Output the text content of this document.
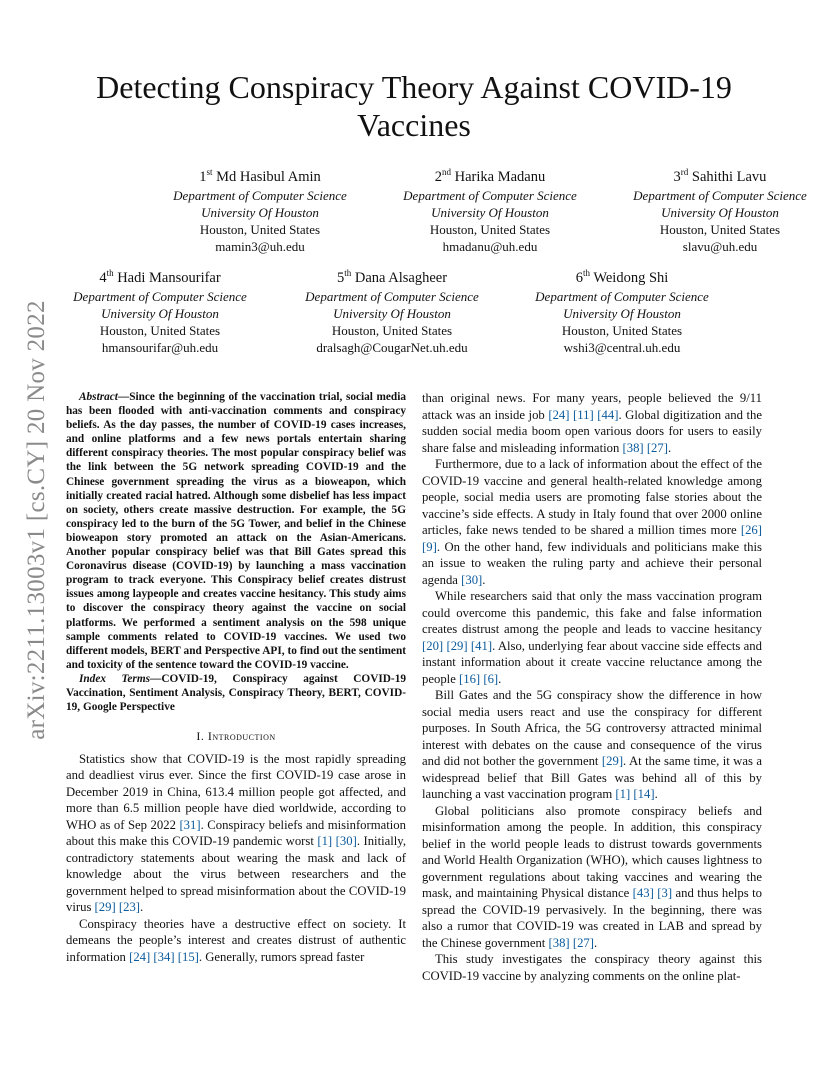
arXiv:2211.13003v1 [cs.CY] 20 Nov 2022
Detecting Conspiracy Theory Against COVID-19 Vaccines
1st Md Hasibul Amin
Department of Computer Science
University Of Houston
Houston, United States
mamin3@uh.edu
2nd Harika Madanu
Department of Computer Science
University Of Houston
Houston, United States
hmadanu@uh.edu
3rd Sahithi Lavu
Department of Computer Science
University Of Houston
Houston, United States
slavu@uh.edu
4th Hadi Mansourifar
Department of Computer Science
University Of Houston
Houston, United States
hmansourifar@uh.edu
5th Dana Alsagheer
Department of Computer Science
University Of Houston
Houston, United States
dralsagh@CougarNet.uh.edu
6th Weidong Shi
Department of Computer Science
University Of Houston
Houston, United States
wshi3@central.uh.edu

Abstract—Since the beginning of the vaccination trial, social media has been flooded with anti-vaccination comments and conspiracy beliefs. As the day passes, the number of COVID-19 cases increases, and online platforms and a few news portals entertain sharing different conspiracy theories. The most popular conspiracy belief was the link between the 5G network spreading COVID-19 and the Chinese government spreading the virus as a bioweapon, which initially created racial hatred. Although some disbelief has less impact on society, others create massive destruction. For example, the 5G conspiracy led to the burn of the 5G Tower, and belief in the Chinese bioweapon story promoted an attack on the Asian-Americans. Another popular conspiracy belief was that Bill Gates spread this Coronavirus disease (COVID-19) by launching a mass vaccination program to track everyone. This Conspiracy belief creates distrust issues among laypeople and creates vaccine hesitancy. This study aims to discover the conspiracy theory against the vaccine on social platforms. We performed a sentiment analysis on the 598 unique sample comments related to COVID-19 vaccines. We used two different models, BERT and Perspective API, to find out the sentiment and toxicity of the sentence toward the COVID-19 vaccine.

Index Terms—COVID-19, Conspiracy against COVID-19 Vaccination, Sentiment Analysis, Conspiracy Theory, BERT, COVID-19, Google Perspective

I. Introduction

Statistics show that COVID-19 is the most rapidly spreading and deadliest virus ever. Since the first COVID-19 case arose in December 2019 in China, 613.4 million people got affected, and more than 6.5 million people have died worldwide, according to WHO as of Sep 2022 [ 31 ] . Conspiracy beliefs and misinformation about this make this COVID-19 pandemic worst [ 1 ] [ 30 ] . Initially, contradictory statements about wearing the mask and lack of knowledge about the virus between researchers and the government helped to spread misinformation about the COVID-19 virus [ 29 ] [ 23 ] .

Conspiracy theories have a destructive effect on society. It demeans the people’s interest and creates distrust of authentic information [ 24 ] [ 34 ] [ 15 ] . Generally, rumors spread faster

than original news. For many years, people believed the 9/11 attack was an inside job [ 24 ] [ 11 ] [ 44 ] . Global digitization and the sudden social media boom open various doors for users to easily share false and misleading information [ 38 ] [ 27 ] .

Furthermore, due to a lack of information about the effect of the COVID-19 vaccine and general health-related knowledge among people, social media users are promoting false stories about the vaccine’s side effects. A study in Italy found that over 2000 online articles, fake news tended to be shared a million times more [ 26 ] [ 9 ] . On the other hand, few individuals and politicians make this an issue to weaken the ruling party and achieve their personal agenda [ 30 ] .

While researchers said that only the mass vaccination program could overcome this pandemic, this fake and false information creates distrust among the people and leads to vaccine hesitancy [ 20 ] [ 29 ] [ 41 ] . Also, underlying fear about vaccine side effects and instant information about it create vaccine reluctance among the people [ 16 ] [ 6 ] .

Bill Gates and the 5G conspiracy show the difference in how social media users react and use the conspiracy for different purposes. In South Africa, the 5G controversy attracted minimal interest with debates on the cause and consequence of the virus and did not bother the government [ 29 ] . At the same time, it was a widespread belief that Bill Gates was behind all of this by launching a vast vaccination program [ 1 ] [ 14 ] .

Global politicians also promote conspiracy beliefs and misinformation among the people. In addition, this conspiracy belief in the world people leads to distrust towards governments and World Health Organization (WHO), which causes lightness to government regulations about taking vaccines and wearing the mask, and maintaining Physical distance [ 43 ] [ 3 ] and thus helps to spread the COVID-19 pervasively. In the beginning, there was also a rumor that COVID-19 was created in LAB and spread by the Chinese government [ 38 ] [ 27 ] .

This study investigates the conspiracy theory against this COVID-19 vaccine by analyzing comments on the online plat-
